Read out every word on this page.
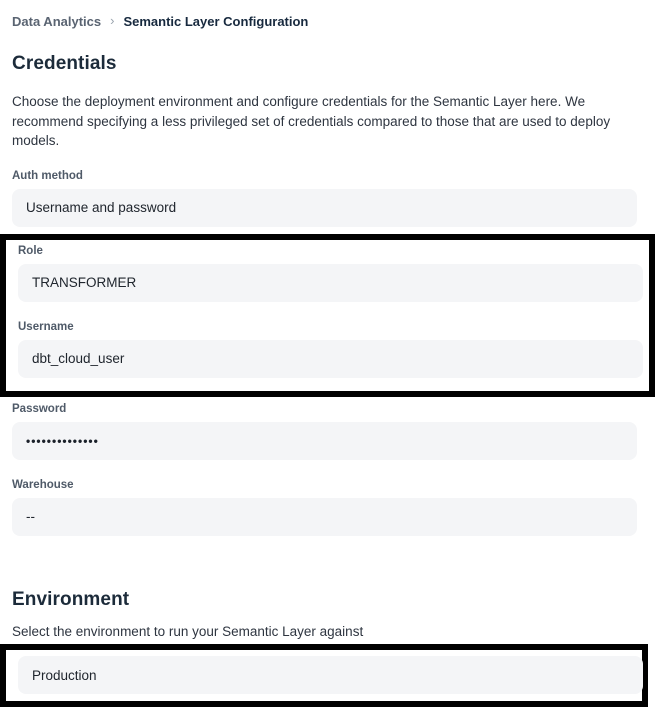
Data Analytics › Semantic Layer Configuration
Credentials

Choose the deployment environment and configure credentials for the Semantic Layer here. We recommend specifying a less privileged set of credentials compared to those that are used to deploy models.

Auth method
Username and password
Role
TRANSFORMER
Username
dbt_cloud_user
Password
••••••••••••••
Warehouse
--
Environment

Select the environment to run your Semantic Layer against

Production
